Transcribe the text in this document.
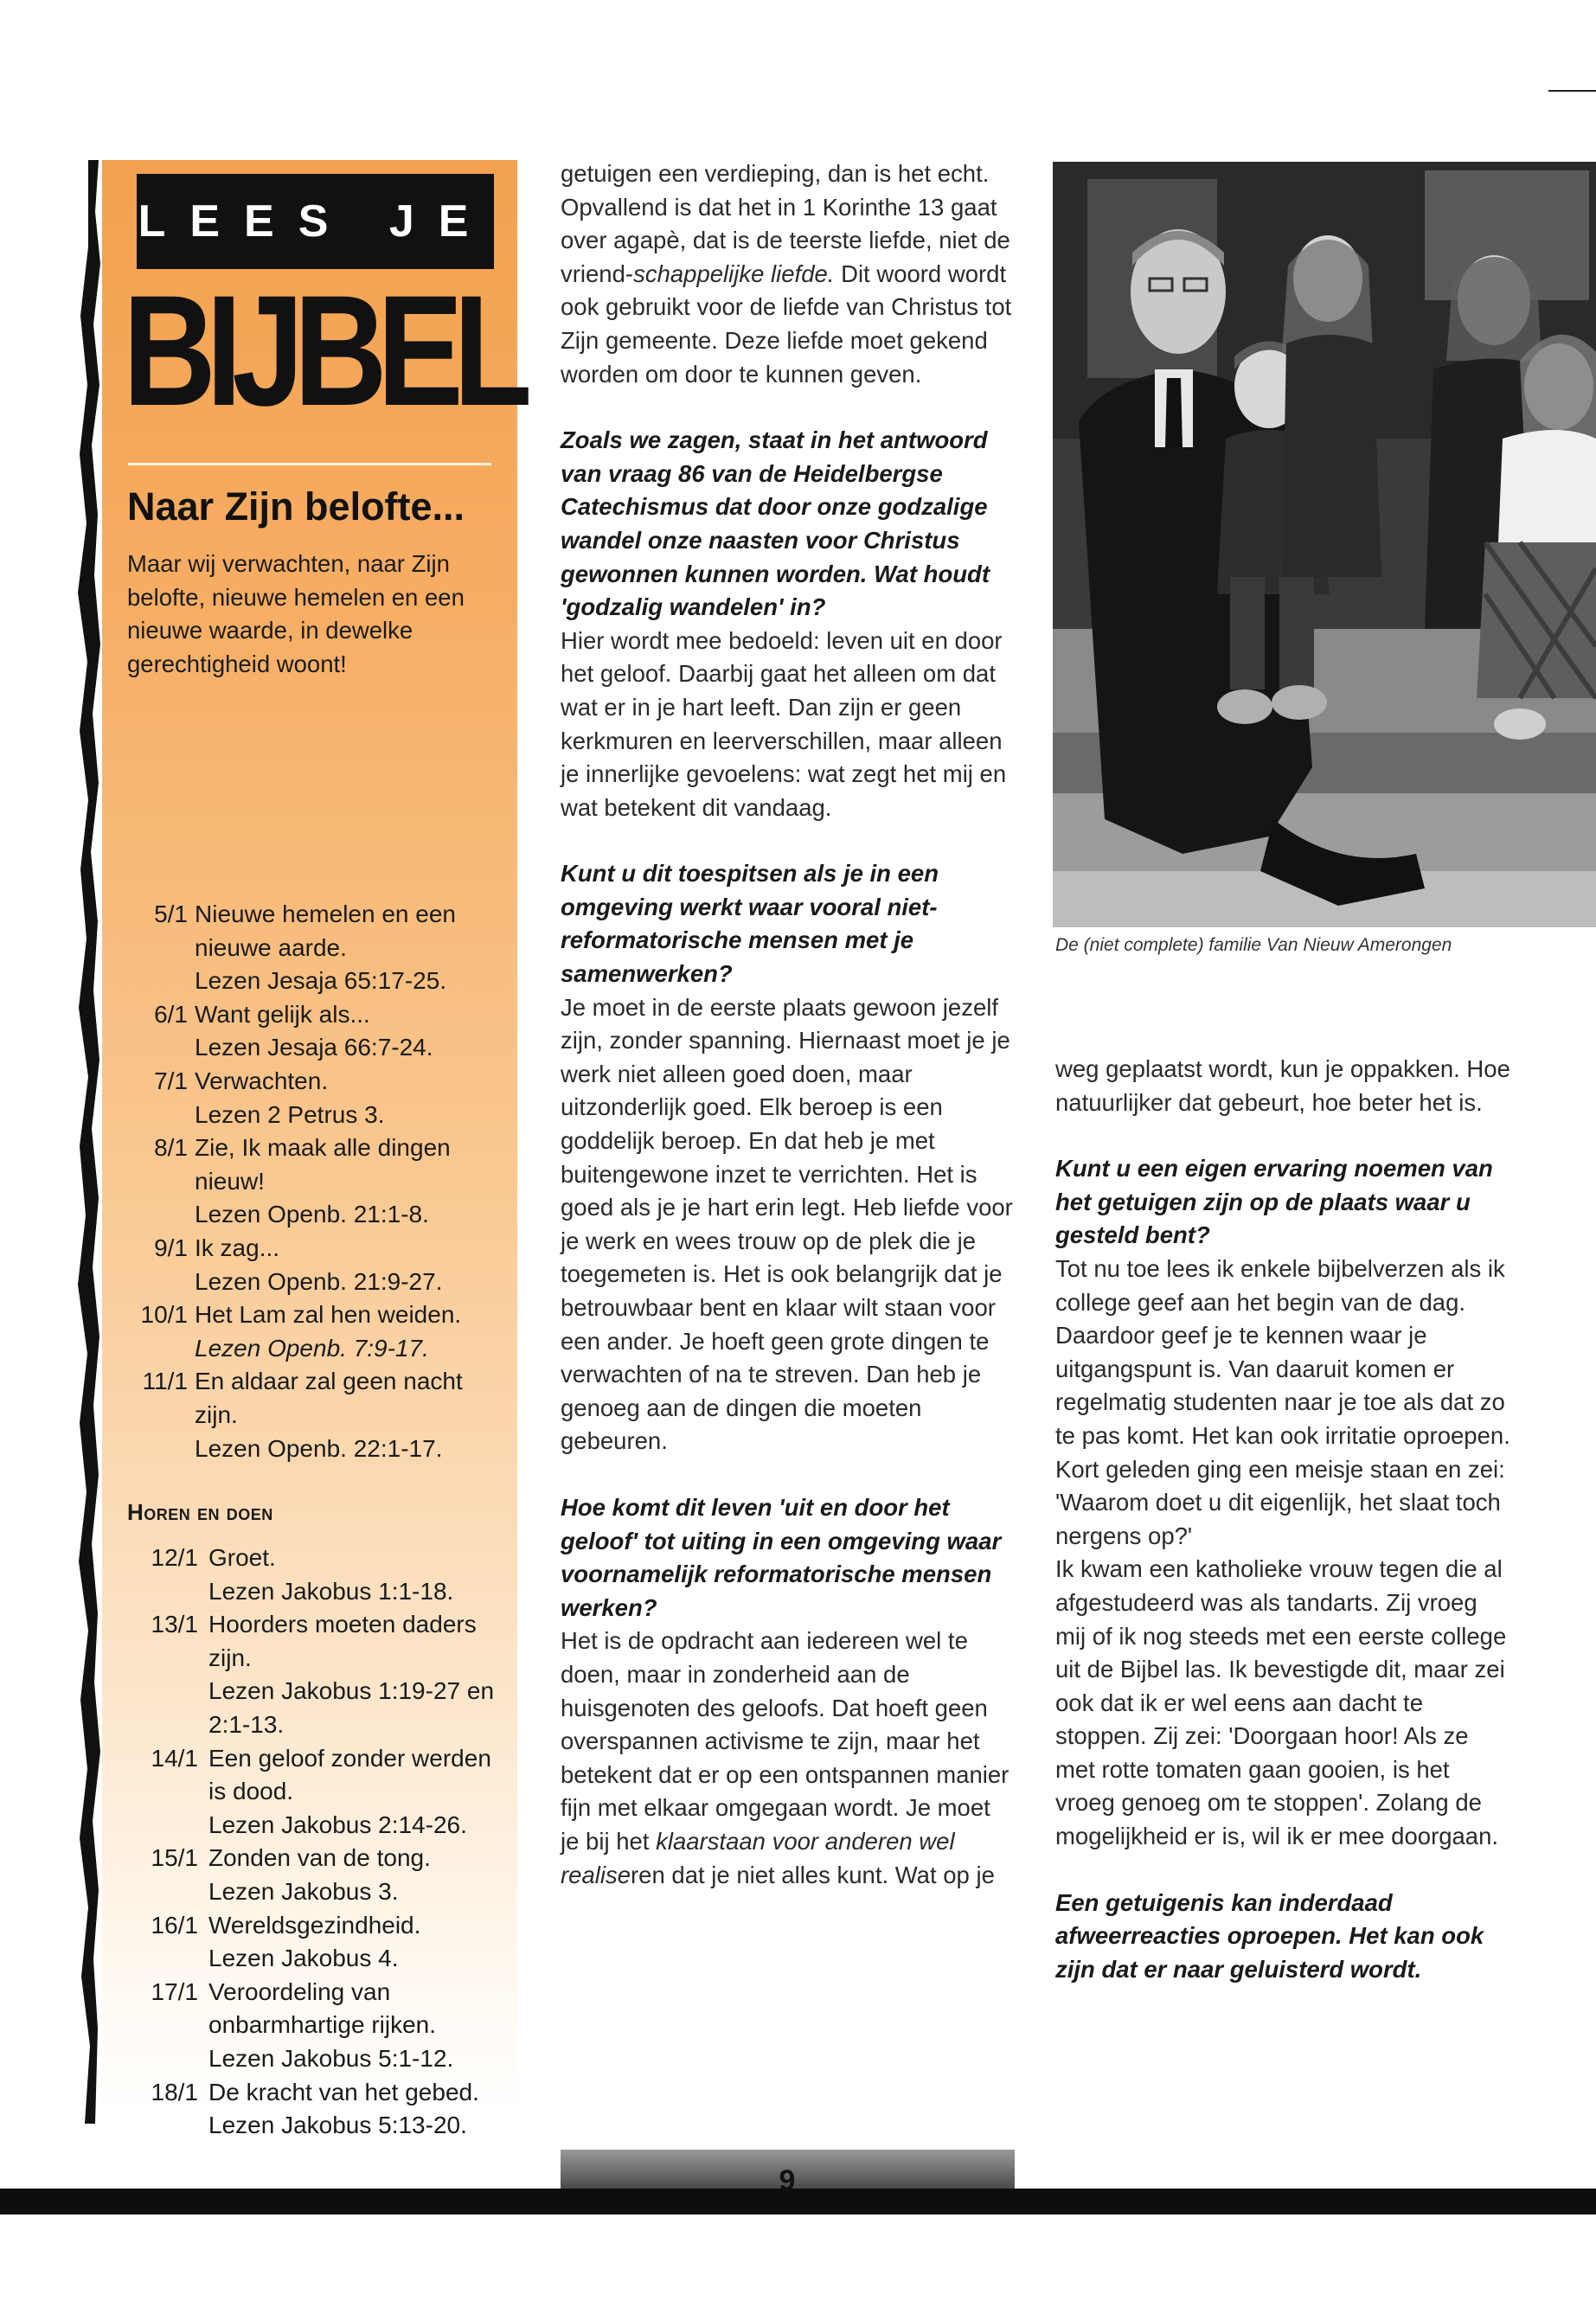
LEES JE
BIJBEL
Naar Zijn belofte...

Maar wij verwachten, naar Zijn belofte, nieuwe hemelen en een nieuwe waarde, in dewelke gerechtigheid woont!

5/1 Nieuwe hemelen en een nieuwe aarde.
Lezen Jesaja 65:17-25.
6/1 Want gelijk als...
Lezen Jesaja 66:7-24.
7/1 Verwachten.
Lezen 2 Petrus 3.
8/1 Zie, Ik maak alle dingen nieuw!
Lezen Openb. 21:1-8.
9/1 Ik zag...
Lezen Openb. 21:9-27.
10/1 Het Lam zal hen weiden.
Lezen Openb. 7:9-17.
11/1 En aldaar zal geen nacht zijn.
Lezen Openb. 22:1-17.
Horen en doen
12/1 Groet.
Lezen Jakobus 1:1-18.
13/1 Hoorders moeten daders zijn.
Lezen Jakobus 1:19-27 en 2:1-13.
14/1 Een geloof zonder werden is dood.
Lezen Jakobus 2:14-26.
15/1 Zonden van de tong.
Lezen Jakobus 3.
16/1 Wereldsgezindheid.
Lezen Jakobus 4.
17/1 Veroordeling van onbarmhartige rijken.
Lezen Jakobus 5:1-12.
18/1 De kracht van het gebed.
Lezen Jakobus 5:13-20.

getuigen een verdieping, dan is het echt. Opvallend is dat het in 1 Korinthe 13 gaat over agapè, dat is de teerste liefde, niet de vriend-schappelijke liefde. Dit woord wordt ook gebruikt voor de liefde van Christus tot Zijn gemeente. Deze liefde moet gekend worden om door te kunnen geven.

Zoals we zagen, staat in het antwoord van vraag 86 van de Heidelbergse Catechismus dat door onze godzalige wandel onze naasten voor Christus gewonnen kunnen worden. Wat houdt 'godzalig wandelen' in?

Hier wordt mee bedoeld: leven uit en door het geloof. Daarbij gaat het alleen om dat wat er in je hart leeft. Dan zijn er geen kerkmuren en leerverschillen, maar alleen je innerlijke gevoelens: wat zegt het mij en wat betekent dit vandaag.

Kunt u dit toespitsen als je in een omgeving werkt waar vooral niet-reformatorische mensen met je samenwerken?

Je moet in de eerste plaats gewoon jezelf zijn, zonder spanning. Hiernaast moet je je werk niet alleen goed doen, maar uitzonderlijk goed. Elk beroep is een goddelijk beroep. En dat heb je met buitengewone inzet te verrichten. Het is goed als je je hart erin legt. Heb liefde voor je werk en wees trouw op de plek die je toegemeten is. Het is ook belangrijk dat je betrouwbaar bent en klaar wilt staan voor een ander. Je hoeft geen grote dingen te verwachten of na te streven. Dan heb je genoeg aan de dingen die moeten gebeuren.

Hoe komt dit leven 'uit en door het geloof' tot uiting in een omgeving waar voornamelijk reformatorische mensen werken?

Het is de opdracht aan iedereen wel te doen, maar in zonderheid aan de huisgenoten des geloofs. Dat hoeft geen overspannen activisme te zijn, maar het betekent dat er op een ontspannen manier fijn met elkaar omgegaan wordt. Je moet je bij het klaarstaan voor anderen wel realiseren dat je niet alles kunt. Wat op je

De (niet complete) familie Van Nieuw Amerongen

weg geplaatst wordt, kun je oppakken. Hoe natuurlijker dat gebeurt, hoe beter het is.

Kunt u een eigen ervaring noemen van het getuigen zijn op de plaats waar u gesteld bent?

Tot nu toe lees ik enkele bijbelverzen als ik college geef aan het begin van de dag. Daardoor geef je te kennen waar je uitgangspunt is. Van daaruit komen er regelmatig studenten naar je toe als dat zo te pas komt. Het kan ook irritatie oproepen. Kort geleden ging een meisje staan en zei: 'Waarom doet u dit eigenlijk, het slaat toch nergens op?'

Ik kwam een katholieke vrouw tegen die al afgestudeerd was als tandarts. Zij vroeg mij of ik nog steeds met een eerste college uit de Bijbel las. Ik bevestigde dit, maar zei ook dat ik er wel eens aan dacht te stoppen. Zij zei: 'Doorgaan hoor! Als ze met rotte tomaten gaan gooien, is het vroeg genoeg om te stoppen'. Zolang de mogelijkheid er is, wil ik er mee doorgaan.

Een getuigenis kan inderdaad afweerreacties oproepen. Het kan ook zijn dat er naar geluisterd wordt.

9
